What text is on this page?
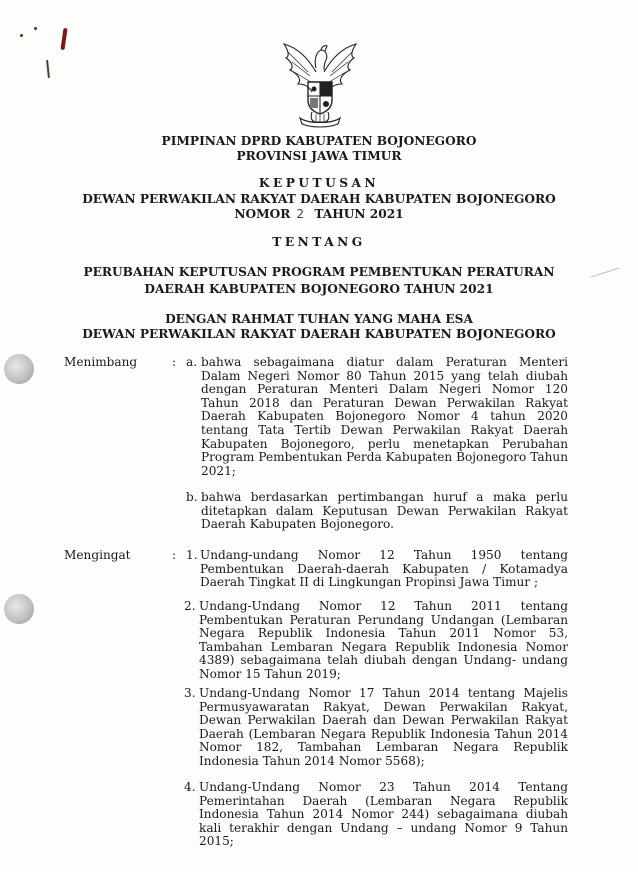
PIMPINAN DPRD KABUPATEN BOJONEGORO
PROVINSI JAWA TIMUR
KEPUTUSAN
DEWAN PERWAKILAN RAKYAT DAERAH KABUPATEN BOJONEGORO
NOMOR 2 TAHUN 2021
TENTANG
PERUBAHAN KEPUTUSAN PROGRAM PEMBENTUKAN PERATURAN
DAERAH KABUPATEN BOJONEGORO TAHUN 2021
DENGAN RAHMAT TUHAN YANG MAHA ESA
DEWAN PERWAKILAN RAKYAT DAERAH KABUPATEN BOJONEGORO
Menimbang	: a. bahwa sebagaimana diatur dalam Peraturan Menteri Dalam Negeri Nomor 80 Tahun 2015 yang telah diubah dengan Peraturan Menteri Dalam Negeri Nomor 120 Tahun 2018 dan Peraturan Dewan Perwakilan Rakyat Daerah Kabupaten Bojonegoro Nomor 4 tahun 2020 tentang Tata Tertib Dewan Perwakilan Rakyat Daerah Kabupaten Bojonegoro, perlu menetapkan Perubahan Program Pembentukan Perda Kabupaten Bojonegoro Tahun 2021;
b. bahwa berdasarkan pertimbangan huruf a maka perlu ditetapkan dalam Keputusan Dewan Perwakilan Rakyat Daerah Kabupaten Bojonegoro.
Mengingat	: 1. Undang-undang Nomor 12 Tahun 1950 tentang Pembentukan Daerah-daerah Kabupaten / Kotamadya Daerah Tingkat II di Lingkungan Propinsi Jawa Timur ;
2. Undang-Undang Nomor 12 Tahun 2011 tentang Pembentukan Peraturan Perundang Undangan (Lembaran Negara Republik Indonesia Tahun 2011 Nomor 53, Tambahan Lembaran Negara Republik Indonesia Nomor 4389) sebagaimana telah diubah dengan Undang- undang Nomor 15 Tahun 2019;
3. Undang-Undang Nomor 17 Tahun 2014 tentang Majelis Permusyawaratan Rakyat, Dewan Perwakilan Rakyat, Dewan Perwakilan Daerah dan Dewan Perwakilan Rakyat Daerah (Lembaran Negara Republik Indonesia Tahun 2014 Nomor 182, Tambahan Lembaran Negara Republik Indonesia Tahun 2014 Nomor 5568);
4. Undang-Undang Nomor 23 Tahun 2014 Tentang Pemerintahan Daerah (Lembaran Negara Republik Indonesia Tahun 2014 Nomor 244) sebagaimana diubah kali terakhir dengan Undang – undang Nomor 9 Tahun 2015;
